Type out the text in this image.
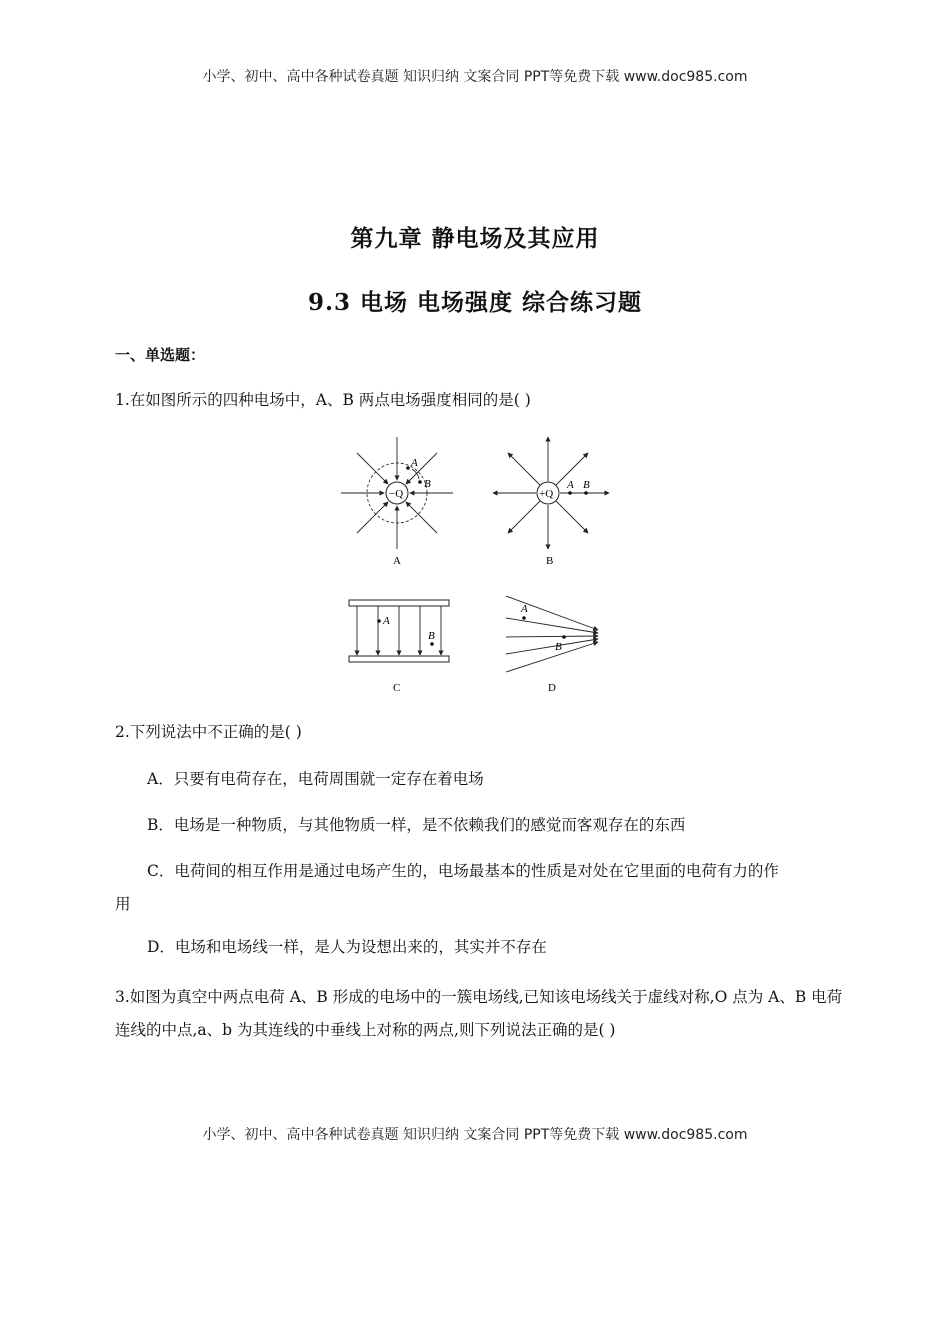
小学、初中、高中各种试卷真题 知识归纳 文案合同 PPT等免费下载 www.doc985.com
第九章 静电场及其应用
9.3 电场 电场强度 综合练习题
一、单选题：
1.在如图所示的四种电场中，A、B 两点电场强度相同的是( )
A
B
−Q
A
A B
+Q
B
A
B
C
A
B
D
2.下列说法中不正确的是( )
A．只要有电荷存在，电荷周围就一定存在着电场
B．电场是一种物质，与其他物质一样，是不依赖我们的感觉而客观存在的东西
C．电荷间的相互作用是通过电场产生的，电场最基本的性质是对处在它里面的电荷有力的作
用
D．电场和电场线一样，是人为设想出来的，其实并不存在
3.如图为真空中两点电荷 A、B 形成的电场中的一簇电场线,已知该电场线关于虚线对称,O 点为 A、B 电荷连线的中点,a、b 为其连线的中垂线上对称的两点,则下列说法正确的是( )
小学、初中、高中各种试卷真题 知识归纳 文案合同 PPT等免费下载 www.doc985.com
